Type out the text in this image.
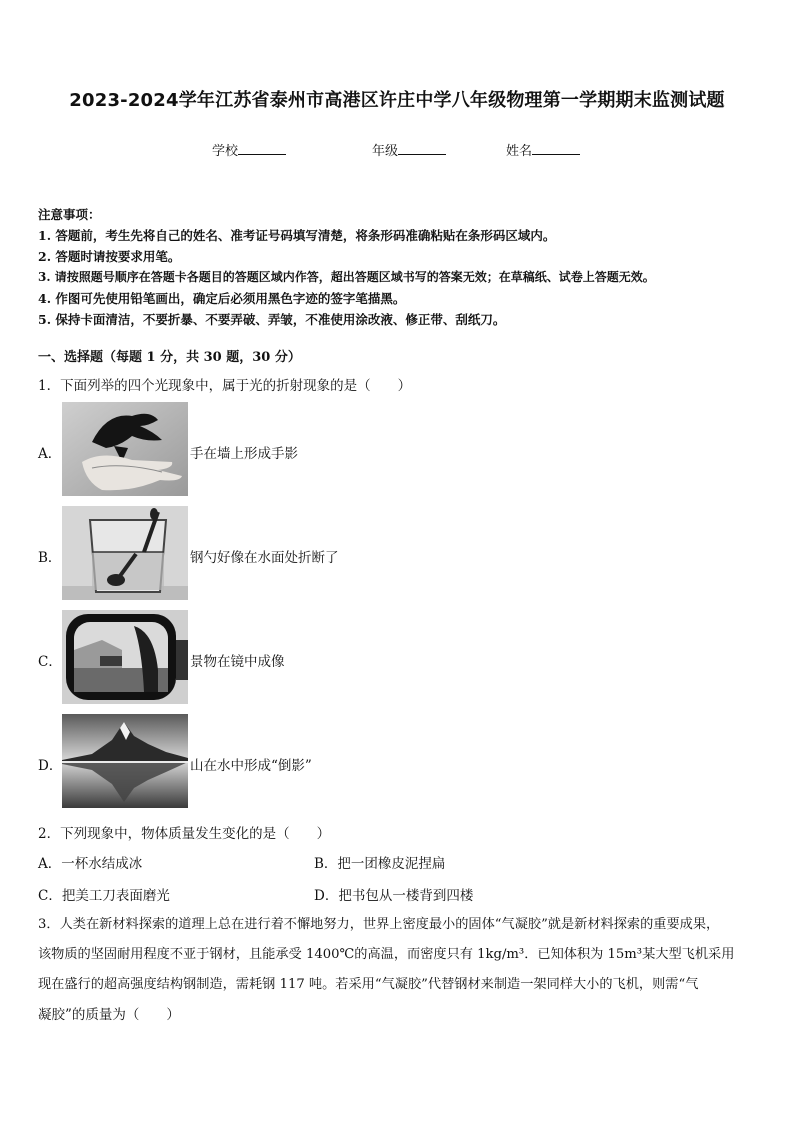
2023-2024学年江苏省泰州市高港区许庄中学八年级物理第一学期期末监测试题
学校	年级	姓名
注意事项：
1. 答题前，考生先将自己的姓名、准考证号码填写清楚，将条形码准确粘贴在条形码区域内。
2. 答题时请按要求用笔。
3. 请按照题号顺序在答题卡各题目的答题区域内作答，超出答题区域书写的答案无效；在草稿纸、试卷上答题无效。
4. 作图可先使用铅笔画出，确定后必须用黑色字迹的签字笔描黑。
5. 保持卡面清洁，不要折暴、不要弄破、弄皱，不准使用涂改液、修正带、刮纸刀。
一、选择题（每题 1 分，共 30 题，30 分）
1．下面列举的四个光现象中，属于光的折射现象的是（　　）
A．	手在墙上形成手影
B．	钢勺好像在水面处折断了
C．	景物在镜中成像
D．	山在水中形成“倒影”
2．下列现象中，物体质量发生变化的是（　　）
A．一杯水结成冰	B．把一团橡皮泥捏扁
C．把美工刀表面磨光	D．把书包从一楼背到四楼
3．人类在新材料探索的道理上总在进行着不懈地努力，世界上密度最小的固体“气凝胶”就是新材料探索的重要成果，
该物质的坚固耐用程度不亚于钢材，且能承受 1400℃的高温，而密度只有 1kg/m³．已知体积为 15m³某大型飞机采用
现在盛行的超高强度结构钢制造，需耗钢 117 吨。若采用“气凝胶”代替钢材来制造一架同样大小的飞机，则需“气
凝胶”的质量为（　　）
